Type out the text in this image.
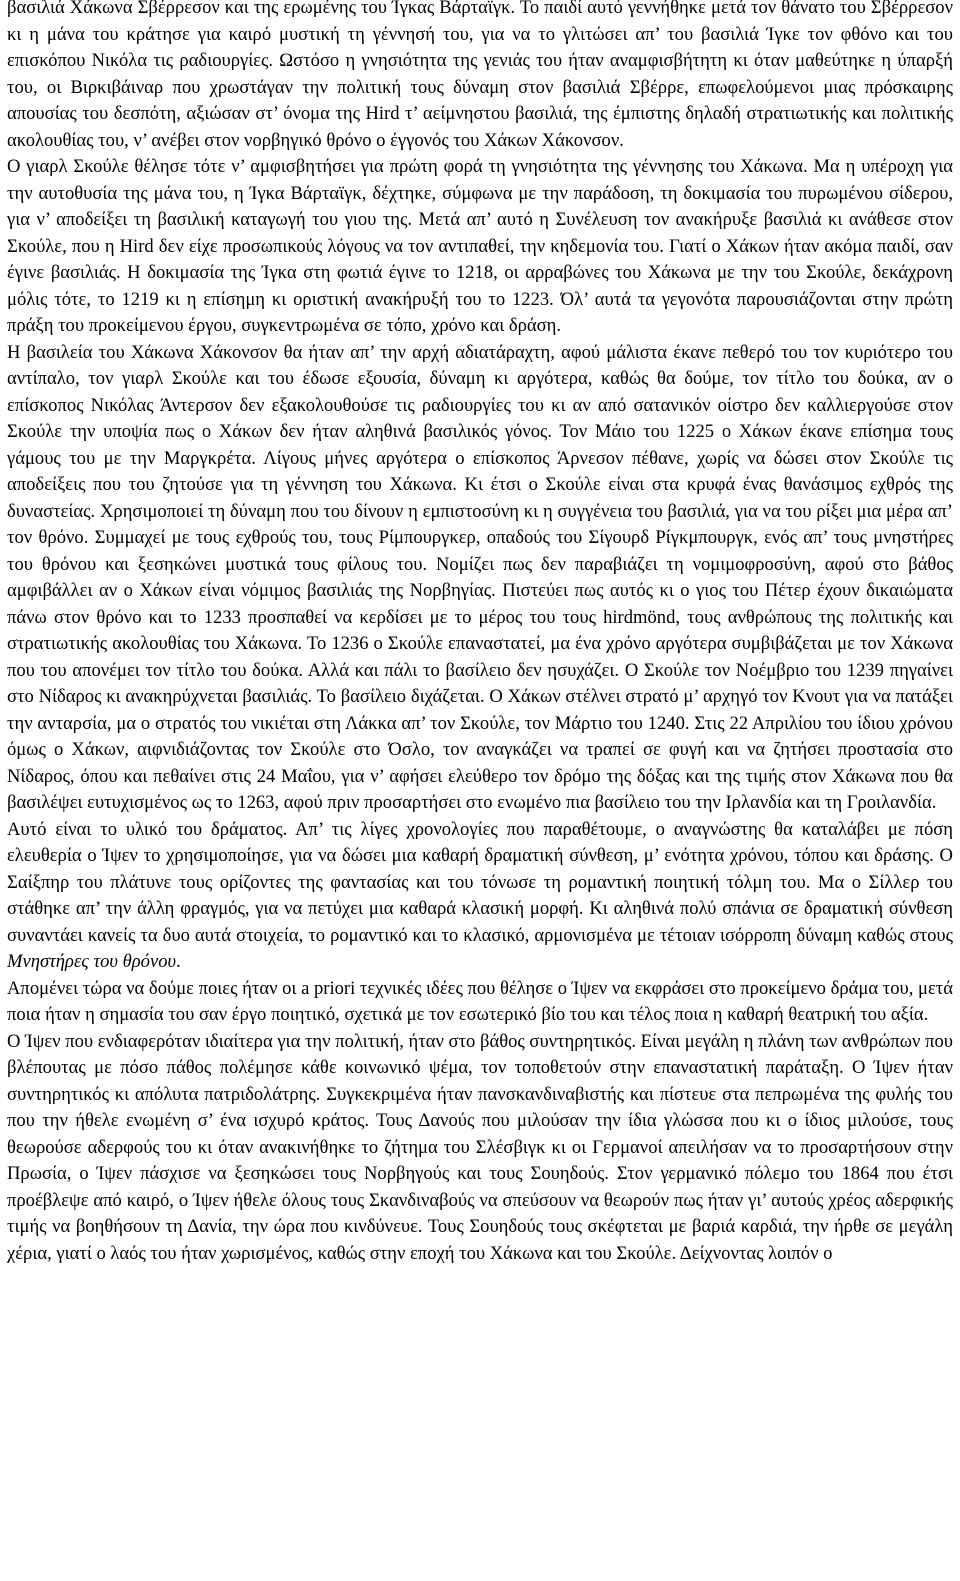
βασιλιά Χάκωνα Σβέρρεσον και της ερωμένης του Ίγκας Βάρταϊγκ. Το παιδί αυτό γεννήθηκε μετά τον θάνατο του Σβέρρεσον κι η μάνα του κράτησε για καιρό μυστική τη γέννησή του, για να το γλιτώσει απ’ του βασιλιά Ίγκε τον φθόνο και του επισκόπου Νικόλα τις ραδιουργίες. Ωστόσο η γνησιότητα της γενιάς του ήταν αναμφισβήτητη κι όταν μαθεύτηκε η ύπαρξή του, οι Βιρκιβάιναρ που χρωστάγαν την πολιτική τους δύναμη στον βασιλιά Σβέρρε, επωφελούμενοι μιας πρόσκαιρης απουσίας του δεσπότη, αξιώσαν στ’ όνομα της Hird τ’ αείμνηστου βασιλιά, της έμπιστης δηλαδή στρατιωτικής και πολιτικής ακολουθίας του, ν’ ανέβει στον νορβηγικό θρόνο ο έγγονός του Χάκων Χάκονσον.

Ο γιαρλ Σκούλε θέλησε τότε ν’ αμφισβητήσει για πρώτη φορά τη γνησιότητα της γέννησης του Χάκωνα. Μα η υπέροχη για την αυτοθυσία της μάνα του, η Ίγκα Βάρταϊγκ, δέχτηκε, σύμφωνα με την παράδοση, τη δοκιμασία του πυρωμένου σίδερου, για ν’ αποδείξει τη βασιλική καταγωγή του γιου της. Μετά απ’ αυτό η Συνέλευση τον ανακήρυξε βασιλιά κι ανάθεσε στον Σκούλε, που η Hird δεν είχε προσωπικούς λόγους να τον αντιπαθεί, την κηδεμονία του. Γιατί ο Χάκων ήταν ακόμα παιδί, σαν έγινε βασιλιάς. Η δοκιμασία της Ίγκα στη φωτιά έγινε το 1218, οι αρραβώνες του Χάκωνα με την του Σκούλε, δεκάχρονη μόλις τότε, το 1219 κι η επίσημη κι οριστική ανακήρυξή του το 1223. Όλ’ αυτά τα γεγονότα παρουσιάζονται στην πρώτη πράξη του προκείμενου έργου, συγκεντρωμένα σε τόπο, χρόνο και δράση.

Η βασιλεία του Χάκωνα Χάκονσον θα ήταν απ’ την αρχή αδιατάραχτη, αφού μάλιστα έκανε πεθερό του τον κυριότερο του αντίπαλο, τον γιαρλ Σκούλε και του έδωσε εξουσία, δύναμη κι αργότερα, καθώς θα δούμε, τον τίτλο του δούκα, αν ο επίσκοπος Νικόλας Άντερσον δεν εξακολουθούσε τις ραδιουργίες του κι αν από σατανικόν οίστρο δεν καλλιεργούσε στον Σκούλε την υποψία πως ο Χάκων δεν ήταν αληθινά βασιλικός γόνος. Τον Μάιο του 1225 ο Χάκων έκανε επίσημα τους γάμους του με την Μαργκρέτα. Λίγους μήνες αργότερα ο επίσκοπος Άρνεσον πέθανε, χωρίς να δώσει στον Σκούλε τις αποδείξεις που του ζητούσε για τη γέννηση του Χάκωνα. Κι έτσι ο Σκούλε είναι στα κρυφά ένας θανάσιμος εχθρός της δυναστείας. Χρησιμοποιεί τη δύναμη που του δίνουν η εμπιστοσύνη κι η συγγένεια του βασιλιά, για να του ρίξει μια μέρα απ’ τον θρόνο. Συμμαχεί με τους εχθρούς του, τους Ρίμπουργκερ, οπαδούς του Σίγουρδ Ρίγκμπουργκ, ενός απ’ τους μνηστήρες του θρόνου και ξεσηκώνει μυστικά τους φίλους του. Νομίζει πως δεν παραβιάζει τη νομιμοφροσύνη, αφού στο βάθος αμφιβάλλει αν ο Χάκων είναι νόμιμος βασιλιάς της Νορβηγίας. Πιστεύει πως αυτός κι ο γιος του Πέτερ έχουν δικαιώματα πάνω στον θρόνο και το 1233 προσπαθεί να κερδίσει με το μέρος του τους hirdmönd, τους ανθρώπους της πολιτικής και στρατιωτικής ακολουθίας του Χάκωνα. Το 1236 ο Σκούλε επαναστατεί, μα ένα χρόνο αργότερα συμβιβάζεται με τον Χάκωνα που του απονέμει τον τίτλο του δούκα. Αλλά και πάλι το βασίλειο δεν ησυχάζει. Ο Σκούλε τον Νοέμβριο του 1239 πηγαίνει στο Νίδαρος κι ανακηρύχνεται βασιλιάς. Το βασίλειο διχάζεται. Ο Χάκων στέλνει στρατό μ’ αρχηγό τον Κνουτ για να πατάξει την ανταρσία, μα ο στρατός του νικιέται στη Λάκκα απ’ τον Σκούλε, τον Μάρτιο του 1240. Στις 22 Απριλίου του ίδιου χρόνου όμως ο Χάκων, αιφνιδιάζοντας τον Σκούλε στο Όσλο, τον αναγκάζει να τραπεί σε φυγή και να ζητήσει προστασία στο Νίδαρος, όπου και πεθαίνει στις 24 Μαΐου, για ν’ αφήσει ελεύθερο τον δρόμο της δόξας και της τιμής στον Χάκωνα που θα βασιλέψει ευτυχισμένος ως το 1263, αφού πριν προσαρτήσει στο ενωμένο πια βασίλειο του την Ιρλανδία και τη Γροιλανδία.

Αυτό είναι το υλικό του δράματος. Απ’ τις λίγες χρονολογίες που παραθέτουμε, ο αναγνώστης θα καταλάβει με πόση ελευθερία ο Ίψεν το χρησιμοποίησε, για να δώσει μια καθαρή δραματική σύνθεση, μ’ ενότητα χρόνου, τόπου και δράσης. Ο Σαίξπηρ του πλάτυνε τους ορίζοντες της φαντασίας και του τόνωσε τη ρομαντική ποιητική τόλμη του. Μα ο Σίλλερ του στάθηκε απ’ την άλλη φραγμός, για να πετύχει μια καθαρά κλασική μορφή. Κι αληθινά πολύ σπάνια σε δραματική σύνθεση συναντάει κανείς τα δυο αυτά στοιχεία, το ρομαντικό και το κλασικό, αρμονισμένα με τέτοιαν ισόρροπη δύναμη καθώς στους Μνηστήρες του θρόνου.

Απομένει τώρα να δούμε ποιες ήταν οι a priori τεχνικές ιδέες που θέλησε ο Ίψεν να εκφράσει στο προκείμενο δράμα του, μετά ποια ήταν η σημασία του σαν έργο ποιητικό, σχετικά με τον εσωτερικό βίο του και τέλος ποια η καθαρή θεατρική του αξία.

Ο Ίψεν που ενδιαφερόταν ιδιαίτερα για την πολιτική, ήταν στο βάθος συντηρητικός. Είναι μεγάλη η πλάνη των ανθρώπων που βλέπουτας με πόσο πάθος πολέμησε κάθε κοινωνικό ψέμα, τον τοποθετούν στην επαναστατική παράταξη. Ο Ίψεν ήταν συντηρητικός κι απόλυτα πατριδολάτρης. Συγκεκριμένα ήταν πανσκανδιναβιστής και πίστευε στα πεπρωμένα της φυλής του που την ήθελε ενωμένη σ’ ένα ισχυρό κράτος. Τους Δανούς που μιλούσαν την ίδια γλώσσα που κι ο ίδιος μιλούσε, τους θεωρούσε αδερφούς του κι όταν ανακινήθηκε το ζήτημα του Σλέσβιγκ κι οι Γερμανοί απειλήσαν να το προσαρτήσουν στην Πρωσία, ο Ίψεν πάσχισε να ξεσηκώσει τους Νορβηγούς και τους Σουηδούς. Στον γερμανικό πόλεμο του 1864 που έτσι προέβλεψε από καιρό, ο Ίψεν ήθελε όλους τους Σκανδιναβούς να σπεύσουν να θεωρούν πως ήταν γι’ αυτούς χρέος αδερφικής τιμής να βοηθήσουν τη Δανία, την ώρα που κινδύνευε. Τους Σουηδούς τους σκέφτεται με βαριά καρδιά, την ήρθε σε μεγάλη χέρια, γιατί ο λαός του ήταν χωρισμένος, καθώς στην εποχή του Χάκωνα και του Σκούλε. Δείχνοντας λοιπόν ο
